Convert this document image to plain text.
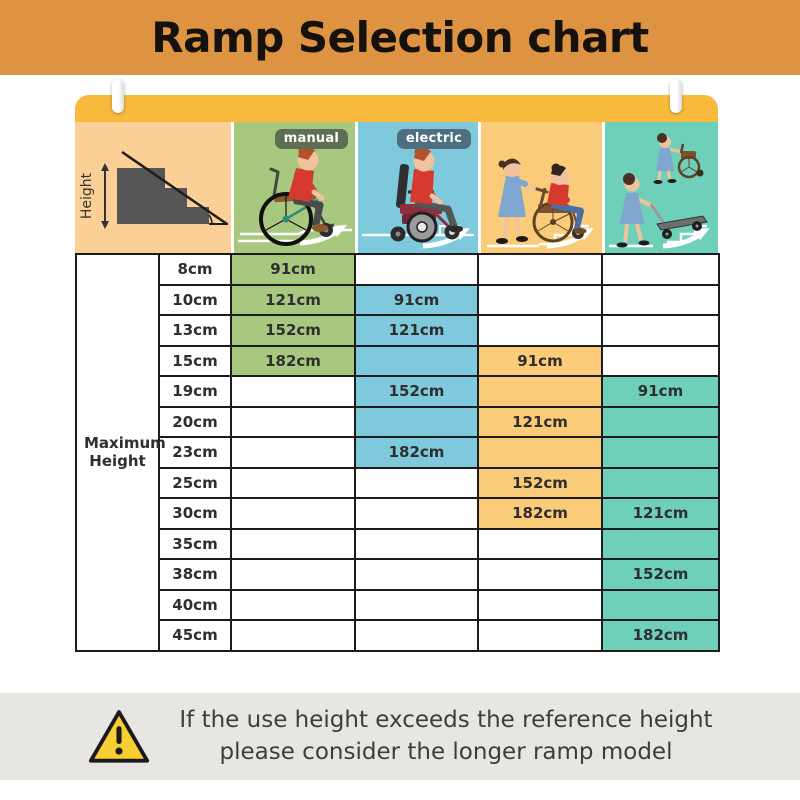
Ramp Selection chart
Height
manual	electric
Maximum Height	8cm	91cm			
	10cm	121cm	91cm		
	13cm	152cm	121cm		
	15cm	182cm		91cm	
	19cm		152cm		91cm
	20cm			121cm	
	23cm		182cm		
	25cm			152cm	
	30cm			182cm	121cm
	35cm				
	38cm				152cm
	40cm				
	45cm				182cm
If the use height exceeds the reference height
please consider the longer ramp model
